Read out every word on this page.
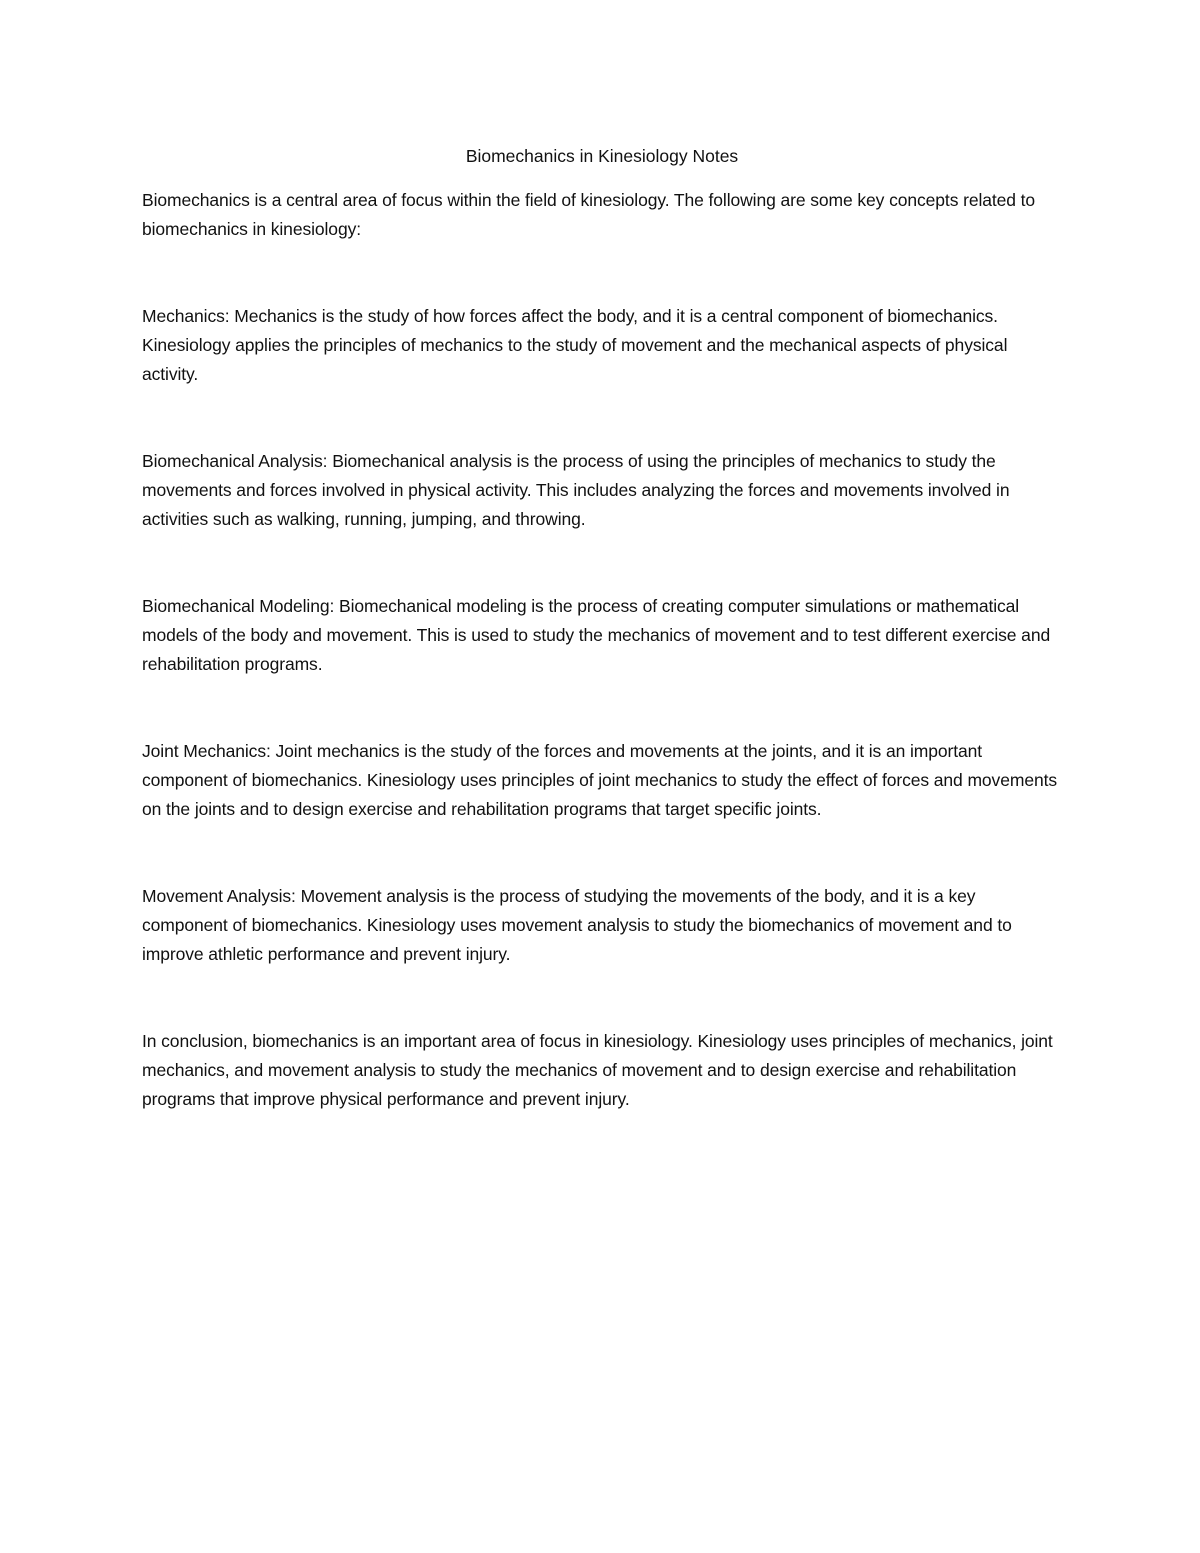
Biomechanics in Kinesiology Notes

Biomechanics is a central area of focus within the field of kinesiology. The following are some key concepts related to biomechanics in kinesiology:

Mechanics: Mechanics is the study of how forces affect the body, and it is a central component of biomechanics. Kinesiology applies the principles of mechanics to the study of movement and the mechanical aspects of physical activity.

Biomechanical Analysis: Biomechanical analysis is the process of using the principles of mechanics to study the movements and forces involved in physical activity. This includes analyzing the forces and movements involved in activities such as walking, running, jumping, and throwing.

Biomechanical Modeling: Biomechanical modeling is the process of creating computer simulations or mathematical models of the body and movement. This is used to study the mechanics of movement and to test different exercise and rehabilitation programs.

Joint Mechanics: Joint mechanics is the study of the forces and movements at the joints, and it is an important component of biomechanics. Kinesiology uses principles of joint mechanics to study the effect of forces and movements on the joints and to design exercise and rehabilitation programs that target specific joints.

Movement Analysis: Movement analysis is the process of studying the movements of the body, and it is a key component of biomechanics. Kinesiology uses movement analysis to study the biomechanics of movement and to improve athletic performance and prevent injury.

In conclusion, biomechanics is an important area of focus in kinesiology. Kinesiology uses principles of mechanics, joint mechanics, and movement analysis to study the mechanics of movement and to design exercise and rehabilitation programs that improve physical performance and prevent injury.
